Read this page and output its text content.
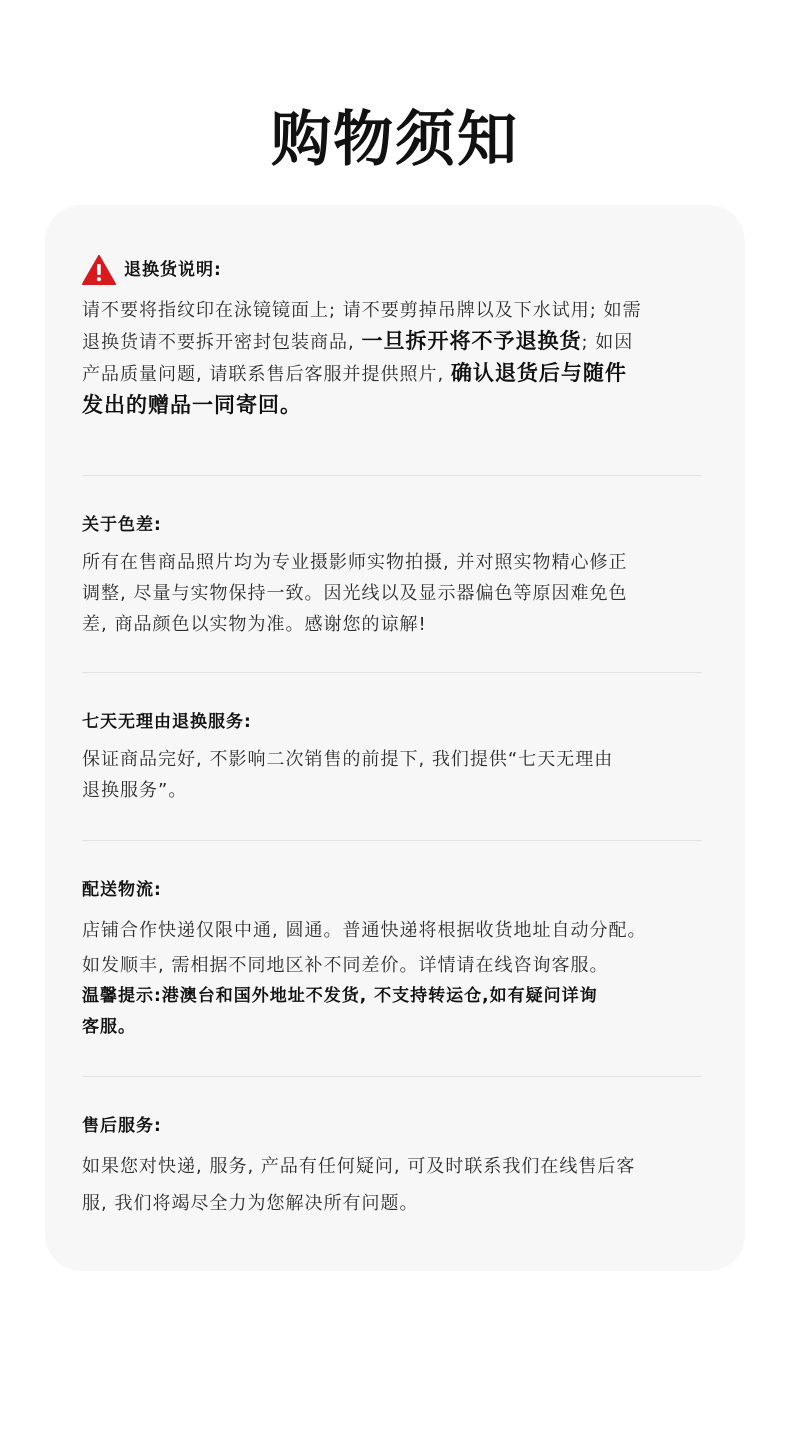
购物须知
退换货说明:
请不要将指纹印在泳镜镜面上; 请不要剪掉吊牌以及下水试用; 如需
退换货请不要拆开密封包装商品, 一旦拆开将不予退换货; 如因
产品质量问题, 请联系售后客服并提供照片, 确认退货后与随件
发出的赠品一同寄回。
关于色差:
所有在售商品照片均为专业摄影师实物拍摄, 并对照实物精心修正
调整, 尽量与实物保持一致。因光线以及显示器偏色等原因难免色
差, 商品颜色以实物为准。感谢您的谅解!
七天无理由退换服务:
保证商品完好, 不影响二次销售的前提下, 我们提供“七天无理由
退换服务”。
配送物流:
店铺合作快递仅限中通, 圆通。普通快递将根据收货地址自动分配。
如发顺丰, 需相据不同地区补不同差价。详情请在线咨询客服。
温馨提示:港澳台和国外地址不发货, 不支持转运仓,如有疑问详询
客服。
售后服务:
如果您对快递, 服务, 产品有任何疑问, 可及时联系我们在线售后客
服, 我们将竭尽全力为您解决所有问题。
